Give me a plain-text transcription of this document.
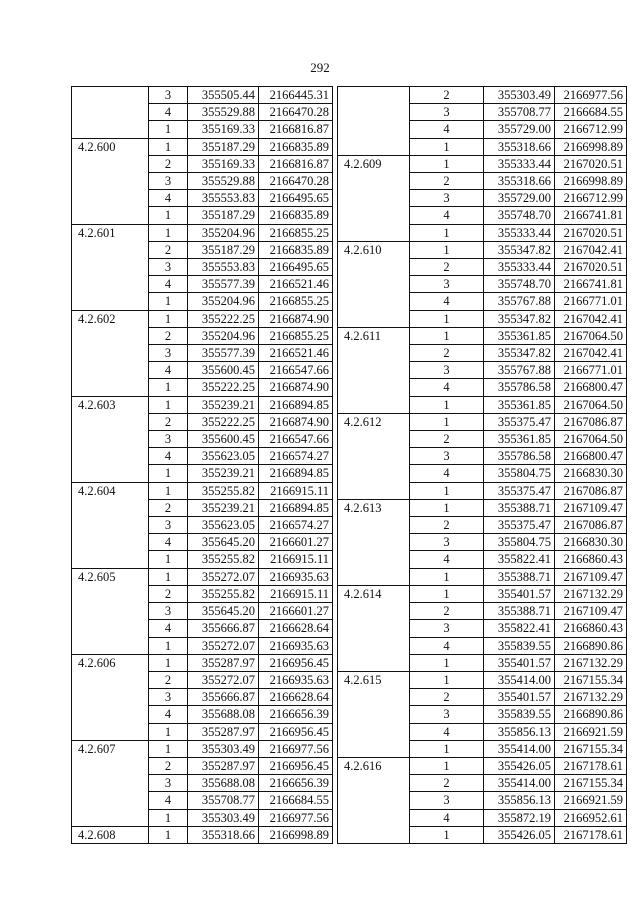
292
	3	355505.44	2166445.31
	4	355529.88	2166470.28
	1	355169.33	2166816.87
4.2.600	1	355187.29	2166835.89
	2	355169.33	2166816.87
	3	355529.88	2166470.28
	4	355553.83	2166495.65
	1	355187.29	2166835.89
4.2.601	1	355204.96	2166855.25
	2	355187.29	2166835.89
	3	355553.83	2166495.65
	4	355577.39	2166521.46
	1	355204.96	2166855.25
4.2.602	1	355222.25	2166874.90
	2	355204.96	2166855.25
	3	355577.39	2166521.46
	4	355600.45	2166547.66
	1	355222.25	2166874.90
4.2.603	1	355239.21	2166894.85
	2	355222.25	2166874.90
	3	355600.45	2166547.66
	4	355623.05	2166574.27
	1	355239.21	2166894.85
4.2.604	1	355255.82	2166915.11
	2	355239.21	2166894.85
	3	355623.05	2166574.27
	4	355645.20	2166601.27
	1	355255.82	2166915.11
4.2.605	1	355272.07	2166935.63
	2	355255.82	2166915.11
	3	355645.20	2166601.27
	4	355666.87	2166628.64
	1	355272.07	2166935.63
4.2.606	1	355287.97	2166956.45
	2	355272.07	2166935.63
	3	355666.87	2166628.64
	4	355688.08	2166656.39
	1	355287.97	2166956.45
4.2.607	1	355303.49	2166977.56
	2	355287.97	2166956.45
	3	355688.08	2166656.39
	4	355708.77	2166684.55
	1	355303.49	2166977.56
4.2.608	1	355318.66	2166998.89
	2	355303.49	2166977.56
	3	355708.77	2166684.55
	4	355729.00	2166712.99
	1	355318.66	2166998.89
4.2.609	1	355333.44	2167020.51
	2	355318.66	2166998.89
	3	355729.00	2166712.99
	4	355748.70	2166741.81
	1	355333.44	2167020.51
4.2.610	1	355347.82	2167042.41
	2	355333.44	2167020.51
	3	355748.70	2166741.81
	4	355767.88	2166771.01
	1	355347.82	2167042.41
4.2.611	1	355361.85	2167064.50
	2	355347.82	2167042.41
	3	355767.88	2166771.01
	4	355786.58	2166800.47
	1	355361.85	2167064.50
4.2.612	1	355375.47	2167086.87
	2	355361.85	2167064.50
	3	355786.58	2166800.47
	4	355804.75	2166830.30
	1	355375.47	2167086.87
4.2.613	1	355388.71	2167109.47
	2	355375.47	2167086.87
	3	355804.75	2166830.30
	4	355822.41	2166860.43
	1	355388.71	2167109.47
4.2.614	1	355401.57	2167132.29
	2	355388.71	2167109.47
	3	355822.41	2166860.43
	4	355839.55	2166890.86
	1	355401.57	2167132.29
4.2.615	1	355414.00	2167155.34
	2	355401.57	2167132.29
	3	355839.55	2166890.86
	4	355856.13	2166921.59
	1	355414.00	2167155.34
4.2.616	1	355426.05	2167178.61
	2	355414.00	2167155.34
	3	355856.13	2166921.59
	4	355872.19	2166952.61
	1	355426.05	2167178.61
